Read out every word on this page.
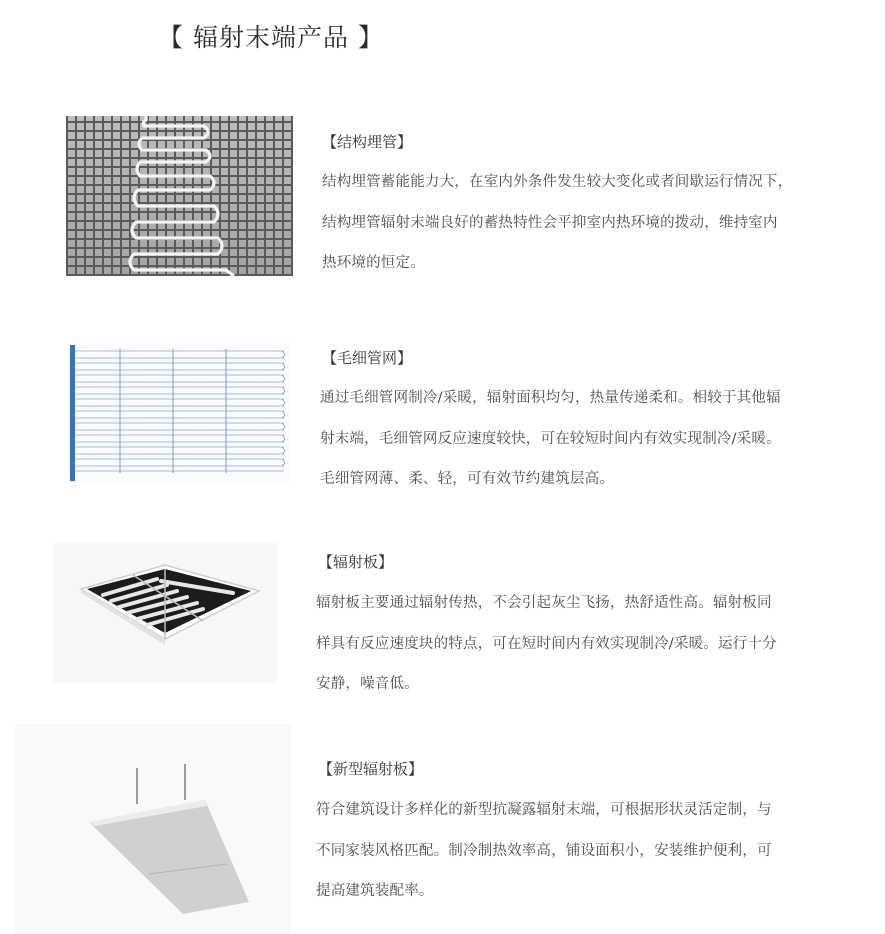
【 辐射末端产品 】
【结构埋管】
结构埋管蓄能能力大，在室内外条件发生较大变化或者间歇运行情况下，
结构埋管辐射末端良好的蓄热特性会平抑室内热环境的拨动，维持室内
热环境的恒定。
【毛细管网】
通过毛细管网制冷/采暖，辐射面积均匀，热量传递柔和。相较于其他辐
射末端，毛细管网反应速度较快，可在较短时间内有效实现制冷/采暖。
毛细管网薄、柔、轻，可有效节约建筑层高。
【辐射板】
辐射板主要通过辐射传热，不会引起灰尘飞扬，热舒适性高。辐射板同
样具有反应速度块的特点，可在短时间内有效实现制冷/采暖。运行十分
安静，噪音低。
【新型辐射板】
符合建筑设计多样化的新型抗凝露辐射末端，可根据形状灵活定制，与
不同家装风格匹配。制冷制热效率高，铺设面积小，安装维护便利，可
提高建筑装配率。
